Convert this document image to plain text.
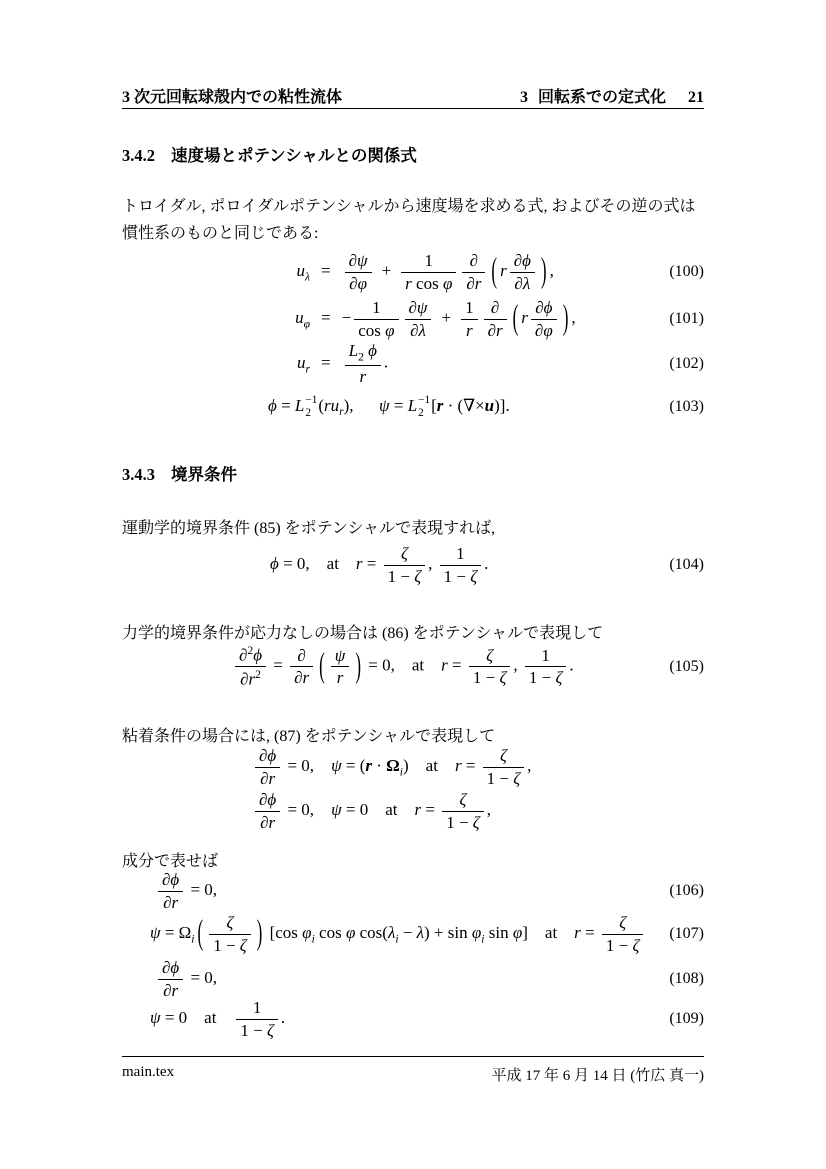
3 次元回転球殻内での粘性流体	3 回転系での定式化 21
3.4.2 速度場とポテンシャルとの関係式
トロイダル, ポロイダルポテンシャルから速度場を求める式, およびその逆の式は
慣性系のものと同じである:
$u_\lambda = \frac{\partial\psi}{\partial\varphi} + \frac{1}{\text{r cos φ}}$ ∂
∂r ( r $\frac{\partial\phi}{\partial\lambda}$ ) ,	(100)
$u_\varphi$ = − $\frac{1}{\text{cos φ}} \frac{\partial\psi}{\partial\lambda} + \frac{1}{r}$ ∂
∂r ( r $\frac{\partial\phi}{\partial\varphi}$ ) ,	(101)
$u_r = \frac{L_2 \phi}{r}$ .	(102)
ϕ = L −1
2 $(ru_r)$,  ψ = L −1
2 [r · (∇×u)].	(103)
3.4.3 境界条件
運動学的境界条件 (85) をポテンシャルで表現すれば,
ϕ = 0, at $r = \frac{\zeta}{1 - \zeta}$ , $\frac{1}{1 - \zeta}$ .	(104)
力学的境界条件が応力なしの場合は (86) をポテンシャルで表現して
$\frac{\partial^2\phi}{\partial r^2}$ =
∂
∂r ( $\frac{\psi}{r}$ ) = 0, at $r = \frac{\zeta}{1 - \zeta}$ , $\frac{1}{1 - \zeta}$ .	(105)
粘着条件の場合には, (87) をポテンシャルで表現して
$\frac{\partial\phi}{\partial r} = 0$, $\psi = (r \cdot \Omega_i)$ at $r = \frac{\zeta}{1 - \zeta}$ ,
$\frac{\partial\phi}{\partial r} = 0$, ψ = 0 at $r = \frac{\zeta}{1 - \zeta}$ ,
成分で表せば
$\frac{\partial\phi}{\partial r} = 0$,	(106)
$\psi = \Omega_i$ ( $\frac{\zeta}{1 - \zeta}$ ) [cos $\varphi_i$ cos φ $\cos(\lambda_i - \lambda) + \sin \varphi_i$ sin φ] at $r = \frac{\zeta}{1 - \zeta} (107)$
$\frac{\partial\phi}{\partial r} = 0$,	(108)
ψ = 0 at  $\frac{1}{1 - \zeta}$ .	(109)
main.tex	平成 17 年 6 月 14 日 (竹広 真一)
